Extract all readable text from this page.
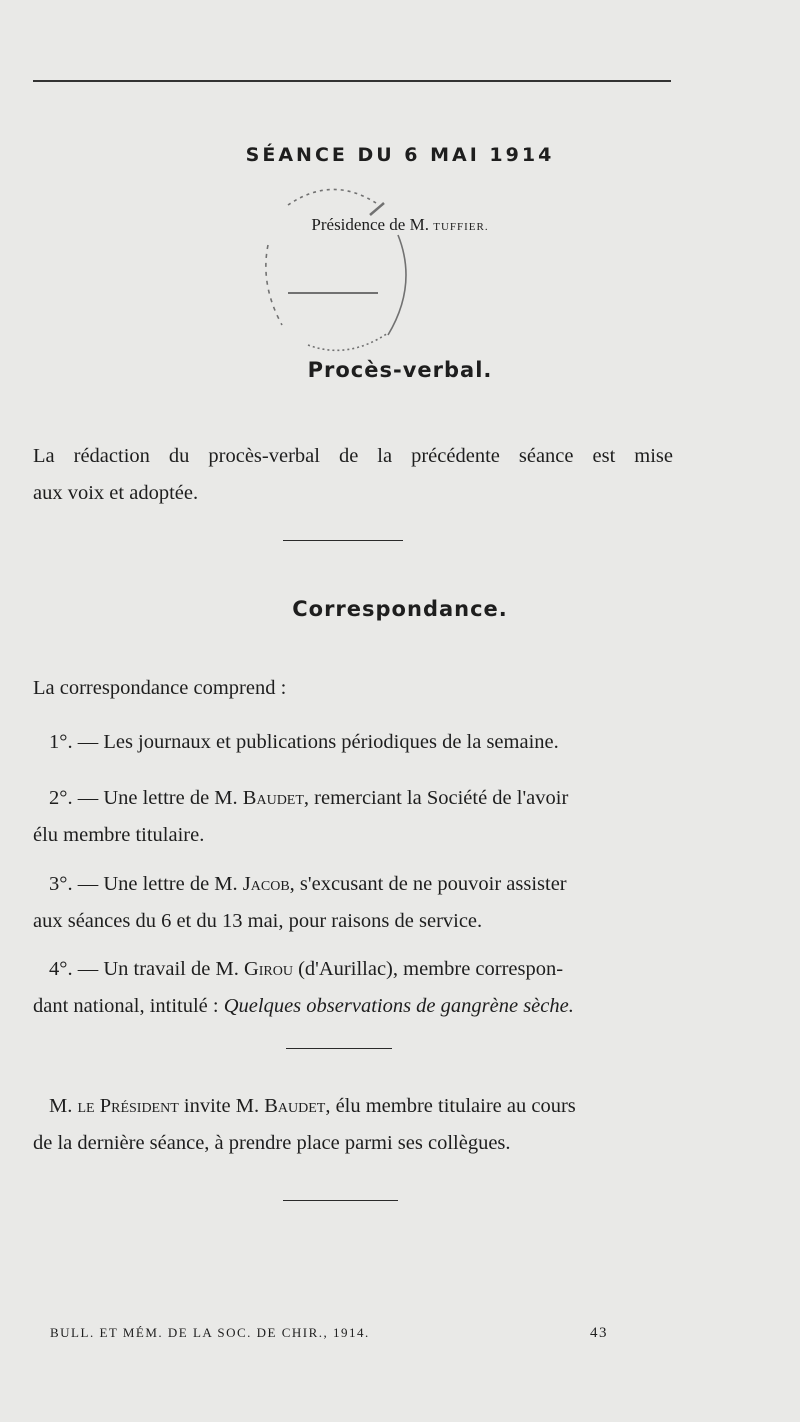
SÉANCE DU 6 MAI 1914
Présidence de M. TUFFIER.
Procès-verbal.
La rédaction du procès-verbal de la précédente séance est mise
aux voix et adoptée.
Correspondance.
La correspondance comprend :
1°. — Les journaux et publications périodiques de la semaine.
2°. — Une lettre de M. Baudet, remerciant la Société de l'avoir
élu membre titulaire.
3°. — Une lettre de M. Jacob, s'excusant de ne pouvoir assister
aux séances du 6 et du 13 mai, pour raisons de service.
4°. — Un travail de M. Girou (d'Aurillac), membre correspon-
dant national, intitulé : Quelques observations de gangrène sèche.
M. le Président invite M. Baudet, élu membre titulaire au cours
de la dernière séance, à prendre place parmi ses collègues.
BULL. ET MÉM. DE LA SOC. DE CHIR., 1914.	43
